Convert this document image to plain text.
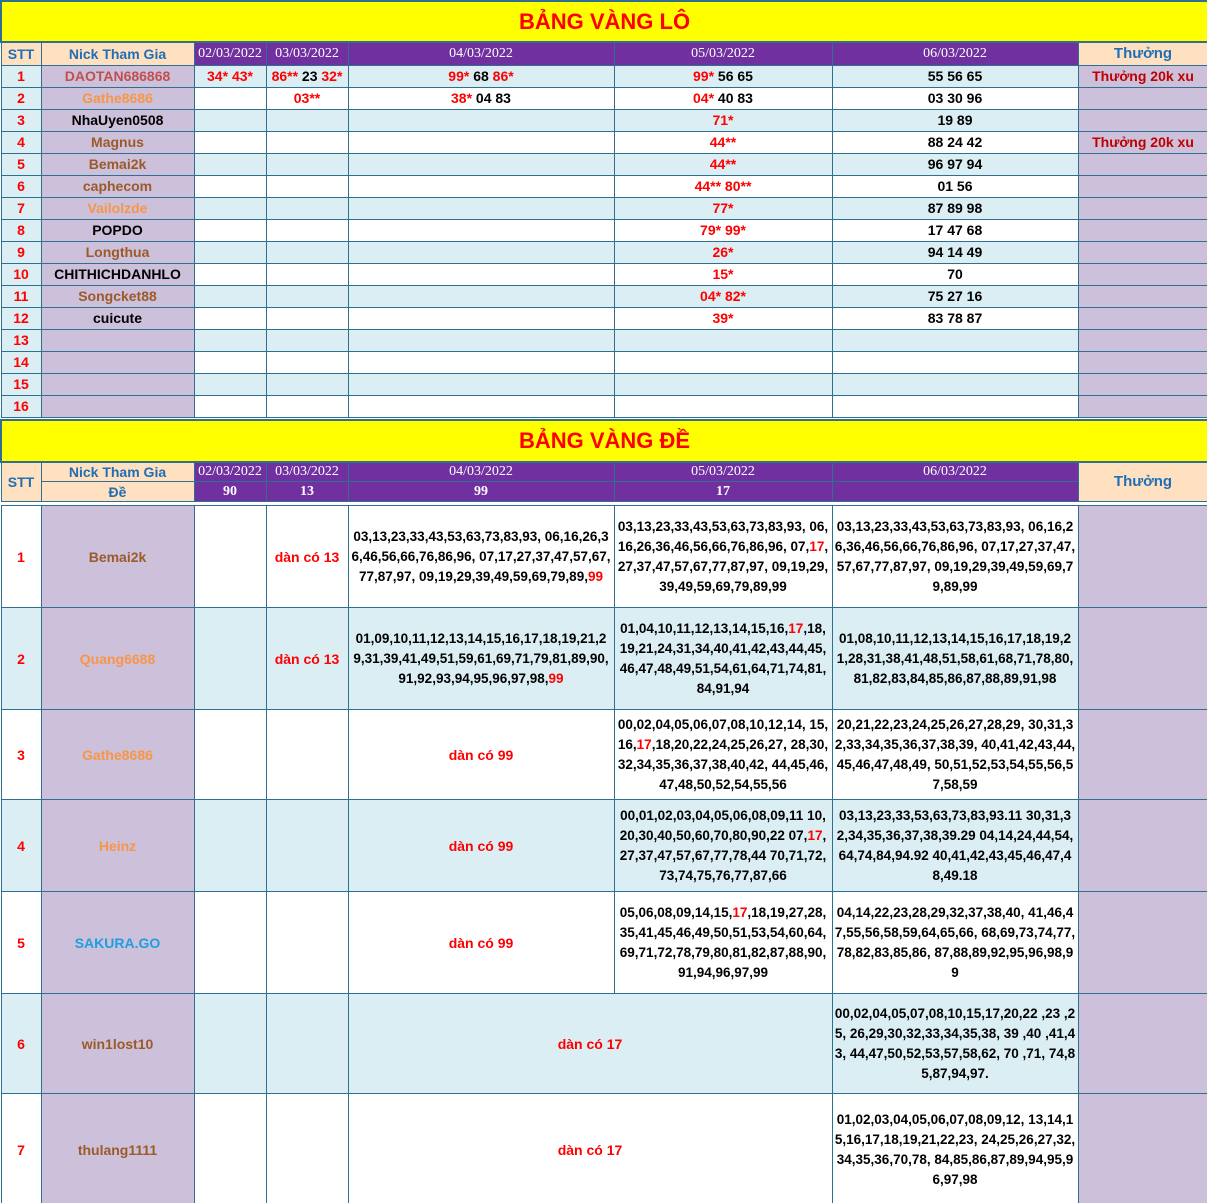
BẢNG VÀNG LÔ							
STT	Nick Tham Gia	02/03/2022	03/03/2022	04/03/2022	05/03/2022	06/03/2022	Thưởng
1	DAOTAN686868	34* 43*	86** 23 32*	99* 68 86*	99* 56 65	55 56 65	Thưởng 20k xu
2	Gathe8686		03**	38* 04 83	04* 40 83	03 30 96	
3	NhaUyen0508				71*	19 89	
4	Magnus				44**	88 24 42	Thưởng 20k xu
5	Bemai2k				44**	96 97 94	
6	caphecom				44** 80**	01 56	
7	Vailolzde				77*	87 89 98	
8	POPDO				79* 99*	17 47 68	
9	Longthua				26*	94 14 49	
10	CHITHICHDANHLO				15*	70	
11	Songcket88				04* 82*	75 27 16	
12	cuicute				39*	83 78 87	
13							
14							
15							
16							
BẢNG VÀNG ĐỀ							
STT	Nick Tham Gia	02/03/2022	03/03/2022	04/03/2022	05/03/2022	06/03/2022	Thưởng
	Đề	90	13	99	17		

1	Bemai2k		dàn có 13	03,13,23,33,43,53,63,73,83,93, 06,16,26,36,46,56,66,76,86,96, 07,17,27,37,47,57,67,77,87,97, 09,19,29,39,49,59,69,79,89,99	03,13,23,33,43,53,63,73,83,93, 06,16,26,36,46,56,66,76,86,96, 07,17,27,37,47,57,67,77,87,97, 09,19,29,39,49,59,69,79,89,99	03,13,23,33,43,53,63,73,83,93, 06,16,26,36,46,56,66,76,86,96, 07,17,27,37,47,57,67,77,87,97, 09,19,29,39,49,59,69,79,89,99	
2	Quang6688		dàn có 13	01,09,10,11,12,13,14,15,16,17,18,19,21,29,31,39,41,49,51,59,61,69,71,79,81,89,90,91,92,93,94,95,96,97,98,99	01,04,10,11,12,13,14,15,16,17,18,19,21,24,31,34,40,41,42,43,44,45,46,47,48,49,51,54,61,64,71,74,81,84,91,94	01,08,10,11,12,13,14,15,16,17,18,19,21,28,31,38,41,48,51,58,61,68,71,78,80,81,82,83,84,85,86,87,88,89,91,98	
3	Gathe8686			dàn có 99	00,02,04,05,06,07,08,10,12,14, 15,16,17,18,20,22,24,25,26,27, 28,30,32,34,35,36,37,38,40,42, 44,45,46,47,48,50,52,54,55,56	20,21,22,23,24,25,26,27,28,29, 30,31,32,33,34,35,36,37,38,39, 40,41,42,43,44,45,46,47,48,49, 50,51,52,53,54,55,56,57,58,59	
4	Heinz			dàn có 99	00,01,02,03,04,05,06,08,09,11 10,20,30,40,50,60,70,80,90,22 07,17,27,37,47,57,67,77,78,44 70,71,72,73,74,75,76,77,87,66	03,13,23,33,53,63,73,83,93.11 30,31,32,34,35,36,37,38,39.29 04,14,24,44,54,64,74,84,94.92 40,41,42,43,45,46,47,48,49.18	
5	SAKURA.GO			dàn có 99	05,06,08,09,14,15,17,18,19,27,28,35,41,45,46,49,50,51,53,54,60,64,69,71,72,78,79,80,81,82,87,88,90,91,94,96,97,99	04,14,22,23,28,29,32,37,38,40, 41,46,47,55,56,58,59,64,65,66, 68,69,73,74,77,78,82,83,85,86, 87,88,89,92,95,96,98,99	
6	win1lost10			dàn có 17		00,02,04,05,07,08,10,15,17,20,22 ,23 ,25, 26,29,30,32,33,34,35,38, 39 ,40 ,41,43, 44,47,50,52,53,57,58,62, 70 ,71, 74,85,87,94,97.	
7	thulang1111			dàn có 17		01,02,03,04,05,06,07,08,09,12, 13,14,15,16,17,18,19,21,22,23, 24,25,26,27,32,34,35,36,70,78, 84,85,86,87,89,94,95,96,97,98	
